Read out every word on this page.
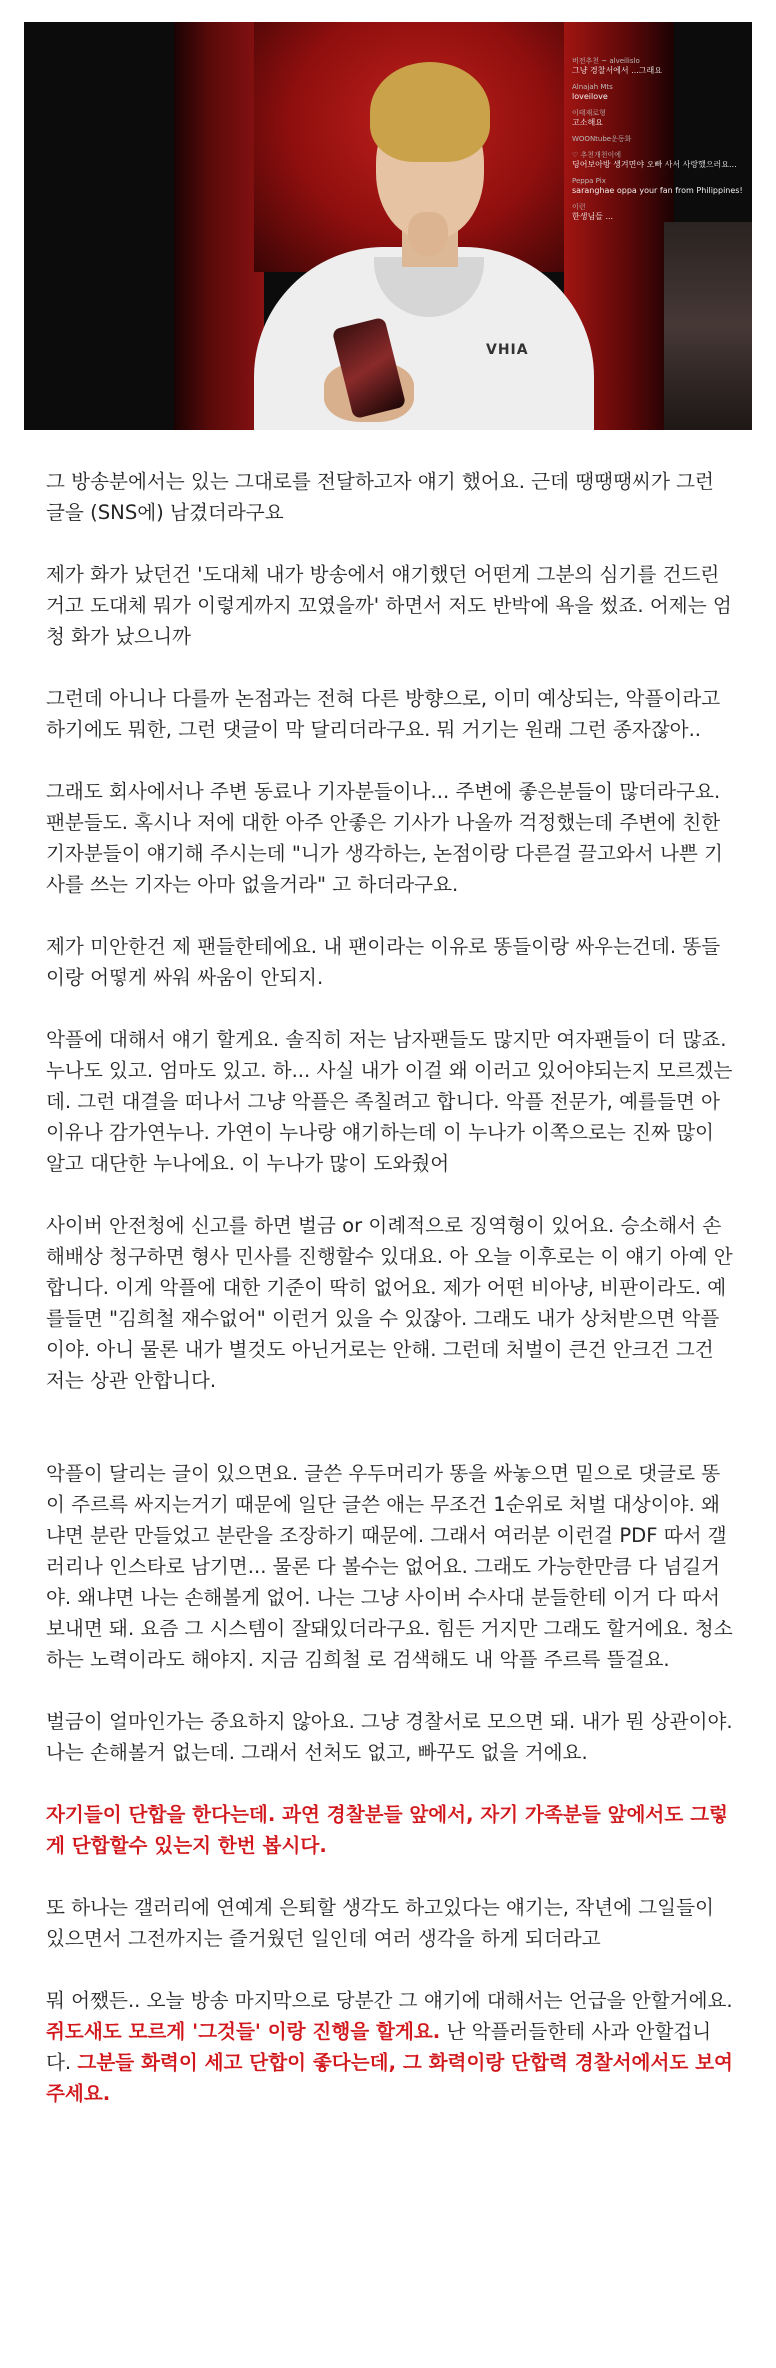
VHIA
버전추천 ~ alveilislo
그냥 경찰서에서 ...그래요
Alnajah Mts
loveilove
이태재로형
고소해요
WOONtube운동화
♡ 추천개천이에
딩어보아방 생겨면야 오빠 사서 사랑했으러요...
Peppa Pix
saranghae oppa your fan from Philippines!
이런
한생님들 ...

그 방송분에서는 있는 그대로를 전달하고자 얘기 했어요. 근데 땡땡땡씨가 그런 글을 (SNS에) 남겼더라구요

제가 화가 났던건 '도대체 내가 방송에서 얘기했던 어떤게 그분의 심기를 건드린거고 도대체 뭐가 이렇게까지 꼬였을까' 하면서 저도 반박에 욕을 썼죠. 어제는 엄청 화가 났으니까

그런데 아니나 다를까 논점과는 전혀 다른 방향으로, 이미 예상되는, 악플이라고 하기에도 뭐한, 그런 댓글이 막 달리더라구요. 뭐 거기는 원래 그런 종자잖아..

그래도 회사에서나 주변 동료나 기자분들이나... 주변에 좋은분들이 많더라구요. 팬분들도. 혹시나 저에 대한 아주 안좋은 기사가 나올까 걱정했는데 주변에 친한 기자분들이 얘기해 주시는데 "니가 생각하는, 논점이랑 다른걸 끌고와서 나쁜 기사를 쓰는 기자는 아마 없을거라" 고 하더라구요.

제가 미안한건 제 팬들한테에요. 내 팬이라는 이유로 똥들이랑 싸우는건데. 똥들이랑 어떻게 싸워 싸움이 안되지.

악플에 대해서 얘기 할게요. 솔직히 저는 남자팬들도 많지만 여자팬들이 더 많죠. 누나도 있고. 엄마도 있고. 하... 사실 내가 이걸 왜 이러고 있어야되는지 모르겠는데. 그런 대결을 떠나서 그냥 악플은 족칠려고 합니다. 악플 전문가, 예를들면 아이유나 감가연누나. 가연이 누나랑 얘기하는데 이 누나가 이쪽으로는 진짜 많이 알고 대단한 누나에요. 이 누나가 많이 도와줬어

사이버 안전청에 신고를 하면 벌금 or 이례적으로 징역형이 있어요. 승소해서 손해배상 청구하면 형사 민사를 진행할수 있대요. 아 오늘 이후로는 이 얘기 아예 안합니다. 이게 악플에 대한 기준이 딱히 없어요. 제가 어떤 비아냥, 비판이라도. 예를들면 "김희철 재수없어" 이런거 있을 수 있잖아. 그래도 내가 상처받으면 악플이야. 아니 물론 내가 별것도 아닌거로는 안해. 그런데 처벌이 큰건 안크건 그건 저는 상관 안합니다.

악플이 달리는 글이 있으면요. 글쓴 우두머리가 똥을 싸놓으면 밑으로 댓글로 똥이 주르륵 싸지는거기 때문에 일단 글쓴 애는 무조건 1순위로 처벌 대상이야. 왜냐면 분란 만들었고 분란을 조장하기 때문에. 그래서 여러분 이런걸 PDF 따서 갤러리나 인스타로 남기면... 물론 다 볼수는 없어요. 그래도 가능한만큼 다 넘길거야. 왜냐면 나는 손해볼게 없어. 나는 그냥 사이버 수사대 분들한테 이거 다 따서 보내면 돼. 요즘 그 시스템이 잘돼있더라구요. 힘든 거지만 그래도 할거에요. 청소하는 노력이라도 해야지. 지금 김희철 로 검색해도 내 악플 주르륵 뜰걸요.

벌금이 얼마인가는 중요하지 않아요. 그냥 경찰서로 모으면 돼. 내가 뭔 상관이야. 나는 손해볼거 없는데. 그래서 선처도 없고, 빠꾸도 없을 거에요.

자기들이 단합을 한다는데. 과연 경찰분들 앞에서, 자기 가족분들 앞에서도 그렇게 단합할수 있는지 한번 봅시다.

또 하나는 갤러리에 연예계 은퇴할 생각도 하고있다는 얘기는, 작년에 그일들이 있으면서 그전까지는 즐거웠던 일인데 여러 생각을 하게 되더라고

뭐 어쨌든.. 오늘 방송 마지막으로 당분간 그 얘기에 대해서는 언급을 안할거에요. 쥐도새도 모르게 '그것들' 이랑 진행을 할게요. 난 악플러들한테 사과 안할겁니다. 그분들 화력이 세고 단합이 좋다는데, 그 화력이랑 단합력 경찰서에서도 보여주세요.
